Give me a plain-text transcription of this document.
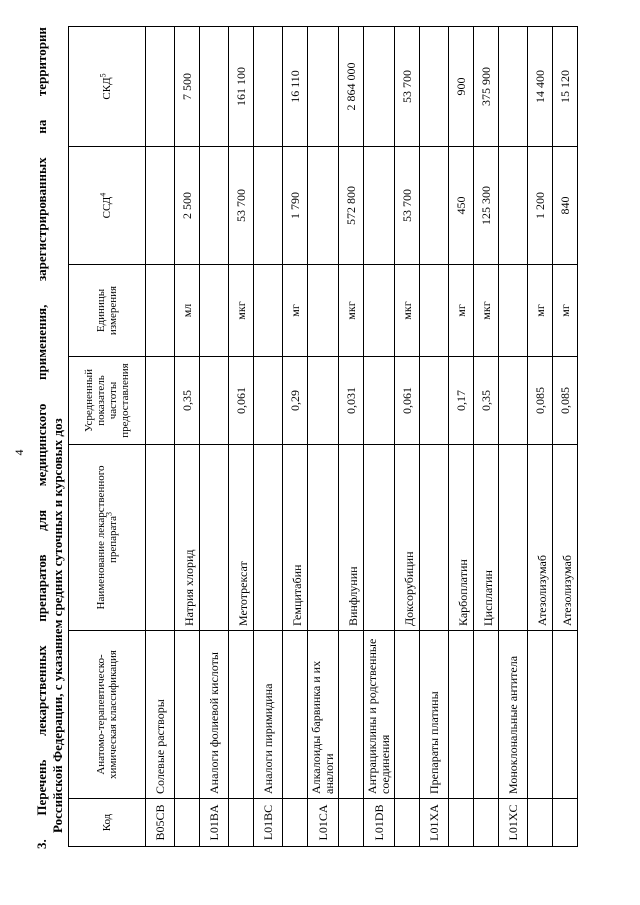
4
3.
Перечень
лекарственных
препаратов
для
медицинского
применения,
зарегистрированных
на
территории
Российской Федерации, с указанием средних суточных и курсовых доз	Код	Анатомо-терапевтическо-химическая классификация	Наименование лекарственного препарата$^3$	Усредненный показатель частоты предоставления	Единицы измерения	ССД$^4$	СКД$^5$
B05CB	Солевые растворы					
		Натрия хлорид	0,35	мл	2 500	7 500
L01BA	Аналоги фолиевой кислоты					
		Метотрексат	0,061	мкг	53 700	161 100
L01BC	Аналоги пиримидина					
		Гемцитабин	0,29	мг	1 790	16 110
L01CA	Алкалоиды барвинка и их аналоги					
		Винфлунин	0,031	мкг	572 800	2 864 000
L01DB	Антрациклины и родственные соединения					
		Доксорубицин	0,061	мкг	53 700	53 700
L01XA	Препараты платины					
		Карбоплатин	0,17	мг	450	900
		Цисплатин	0,35	мкг	125 300	375 900
L01XC	Моноклональные антитела					
		Атезолизумаб	0,085	мг	1 200	14 400
		Атезолизумаб	0,085	мг	840	15 120
